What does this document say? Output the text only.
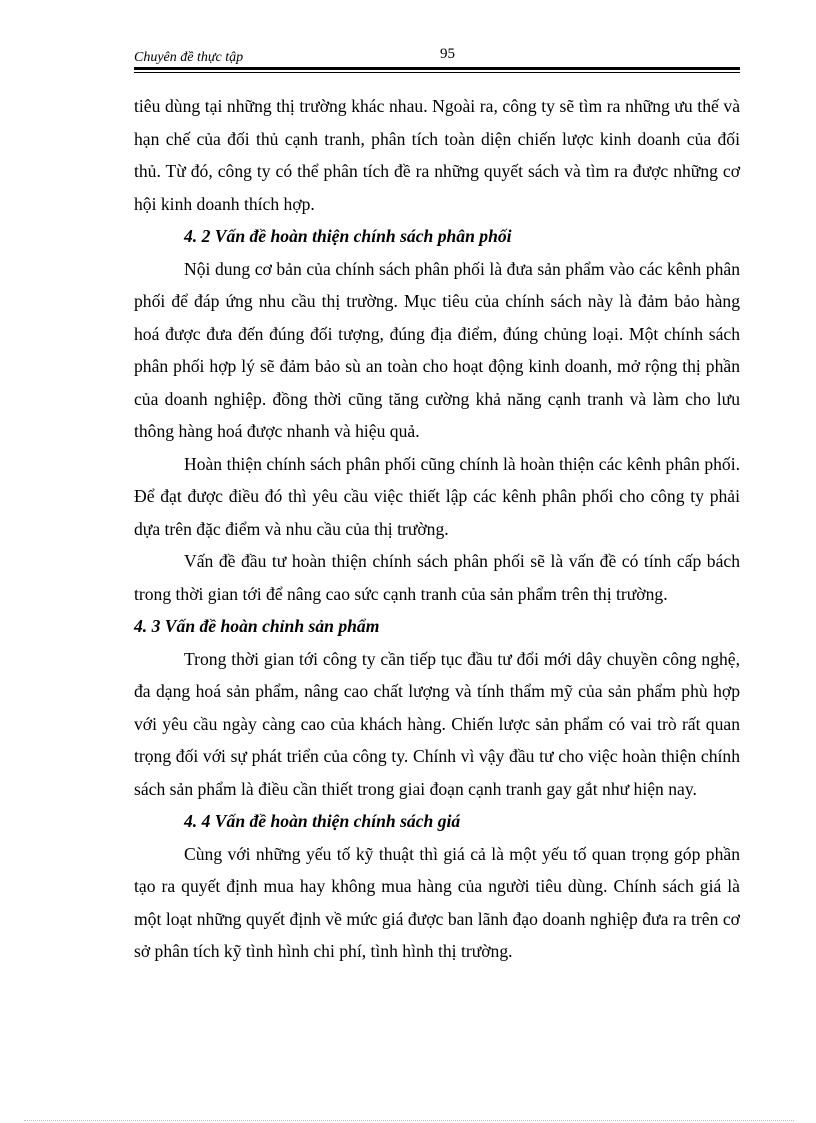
Chuyên đề thực tập	95

tiêu dùng tại những thị trường khác nhau. Ngoài ra, công ty sẽ tìm ra những ưu thế và hạn chế của đối thủ cạnh tranh, phân tích toàn diện chiến lược kinh doanh của đối thủ. Từ đó, công ty có thể phân tích đề ra những quyết sách và tìm ra được những cơ hội kinh doanh thích hợp.

4. 2 Vấn đề hoàn thiện chính sách phân phối

Nội dung cơ bản của chính sách phân phối là đưa sản phẩm vào các kênh phân phối để đáp ứng nhu cầu thị trường. Mục tiêu của chính sách này là đảm bảo hàng hoá được đưa đến đúng đối tượng, đúng địa điểm, đúng chủng loại. Một chính sách phân phối hợp lý sẽ đảm bảo sù an toàn cho hoạt động kinh doanh, mở rộng thị phần của doanh nghiệp. đồng thời cũng tăng cường khả năng cạnh tranh và làm cho lưu thông hàng hoá được nhanh và hiệu quả.

Hoàn thiện chính sách phân phối cũng chính là hoàn thiện các kênh phân phối. Để đạt được điều đó thì yêu cầu việc thiết lập các kênh phân phối cho công ty phải dựa trên đặc điểm và nhu cầu của thị trường.

Vấn đề đầu tư hoàn thiện chính sách phân phối sẽ là vấn đề có tính cấp bách trong thời gian tới để nâng cao sức cạnh tranh của sản phẩm trên thị trường.

4. 3 Vấn đề hoàn chỉnh sản phẩm

Trong thời gian tới công ty cần tiếp tục đầu tư đổi mới dây chuyền công nghệ, đa dạng hoá sản phẩm, nâng cao chất lượng và tính thẩm mỹ của sản phẩm phù hợp với yêu cầu ngày càng cao của khách hàng. Chiến lược sản phẩm có vai trò rất quan trọng đối với sự phát triển của công ty. Chính vì vậy đầu tư cho việc hoàn thiện chính sách sản phẩm là điều cần thiết trong giai đoạn cạnh tranh gay gắt như hiện nay.

4. 4 Vấn đề hoàn thiện chính sách giá

Cùng với những yếu tố kỹ thuật thì giá cả là một yếu tố quan trọng góp phần tạo ra quyết định mua hay không mua hàng của người tiêu dùng. Chính sách giá là một loạt những quyết định về mức giá được ban lãnh đạo doanh nghiệp đưa ra trên cơ sở phân tích kỹ tình hình chi phí, tình hình thị trường.
